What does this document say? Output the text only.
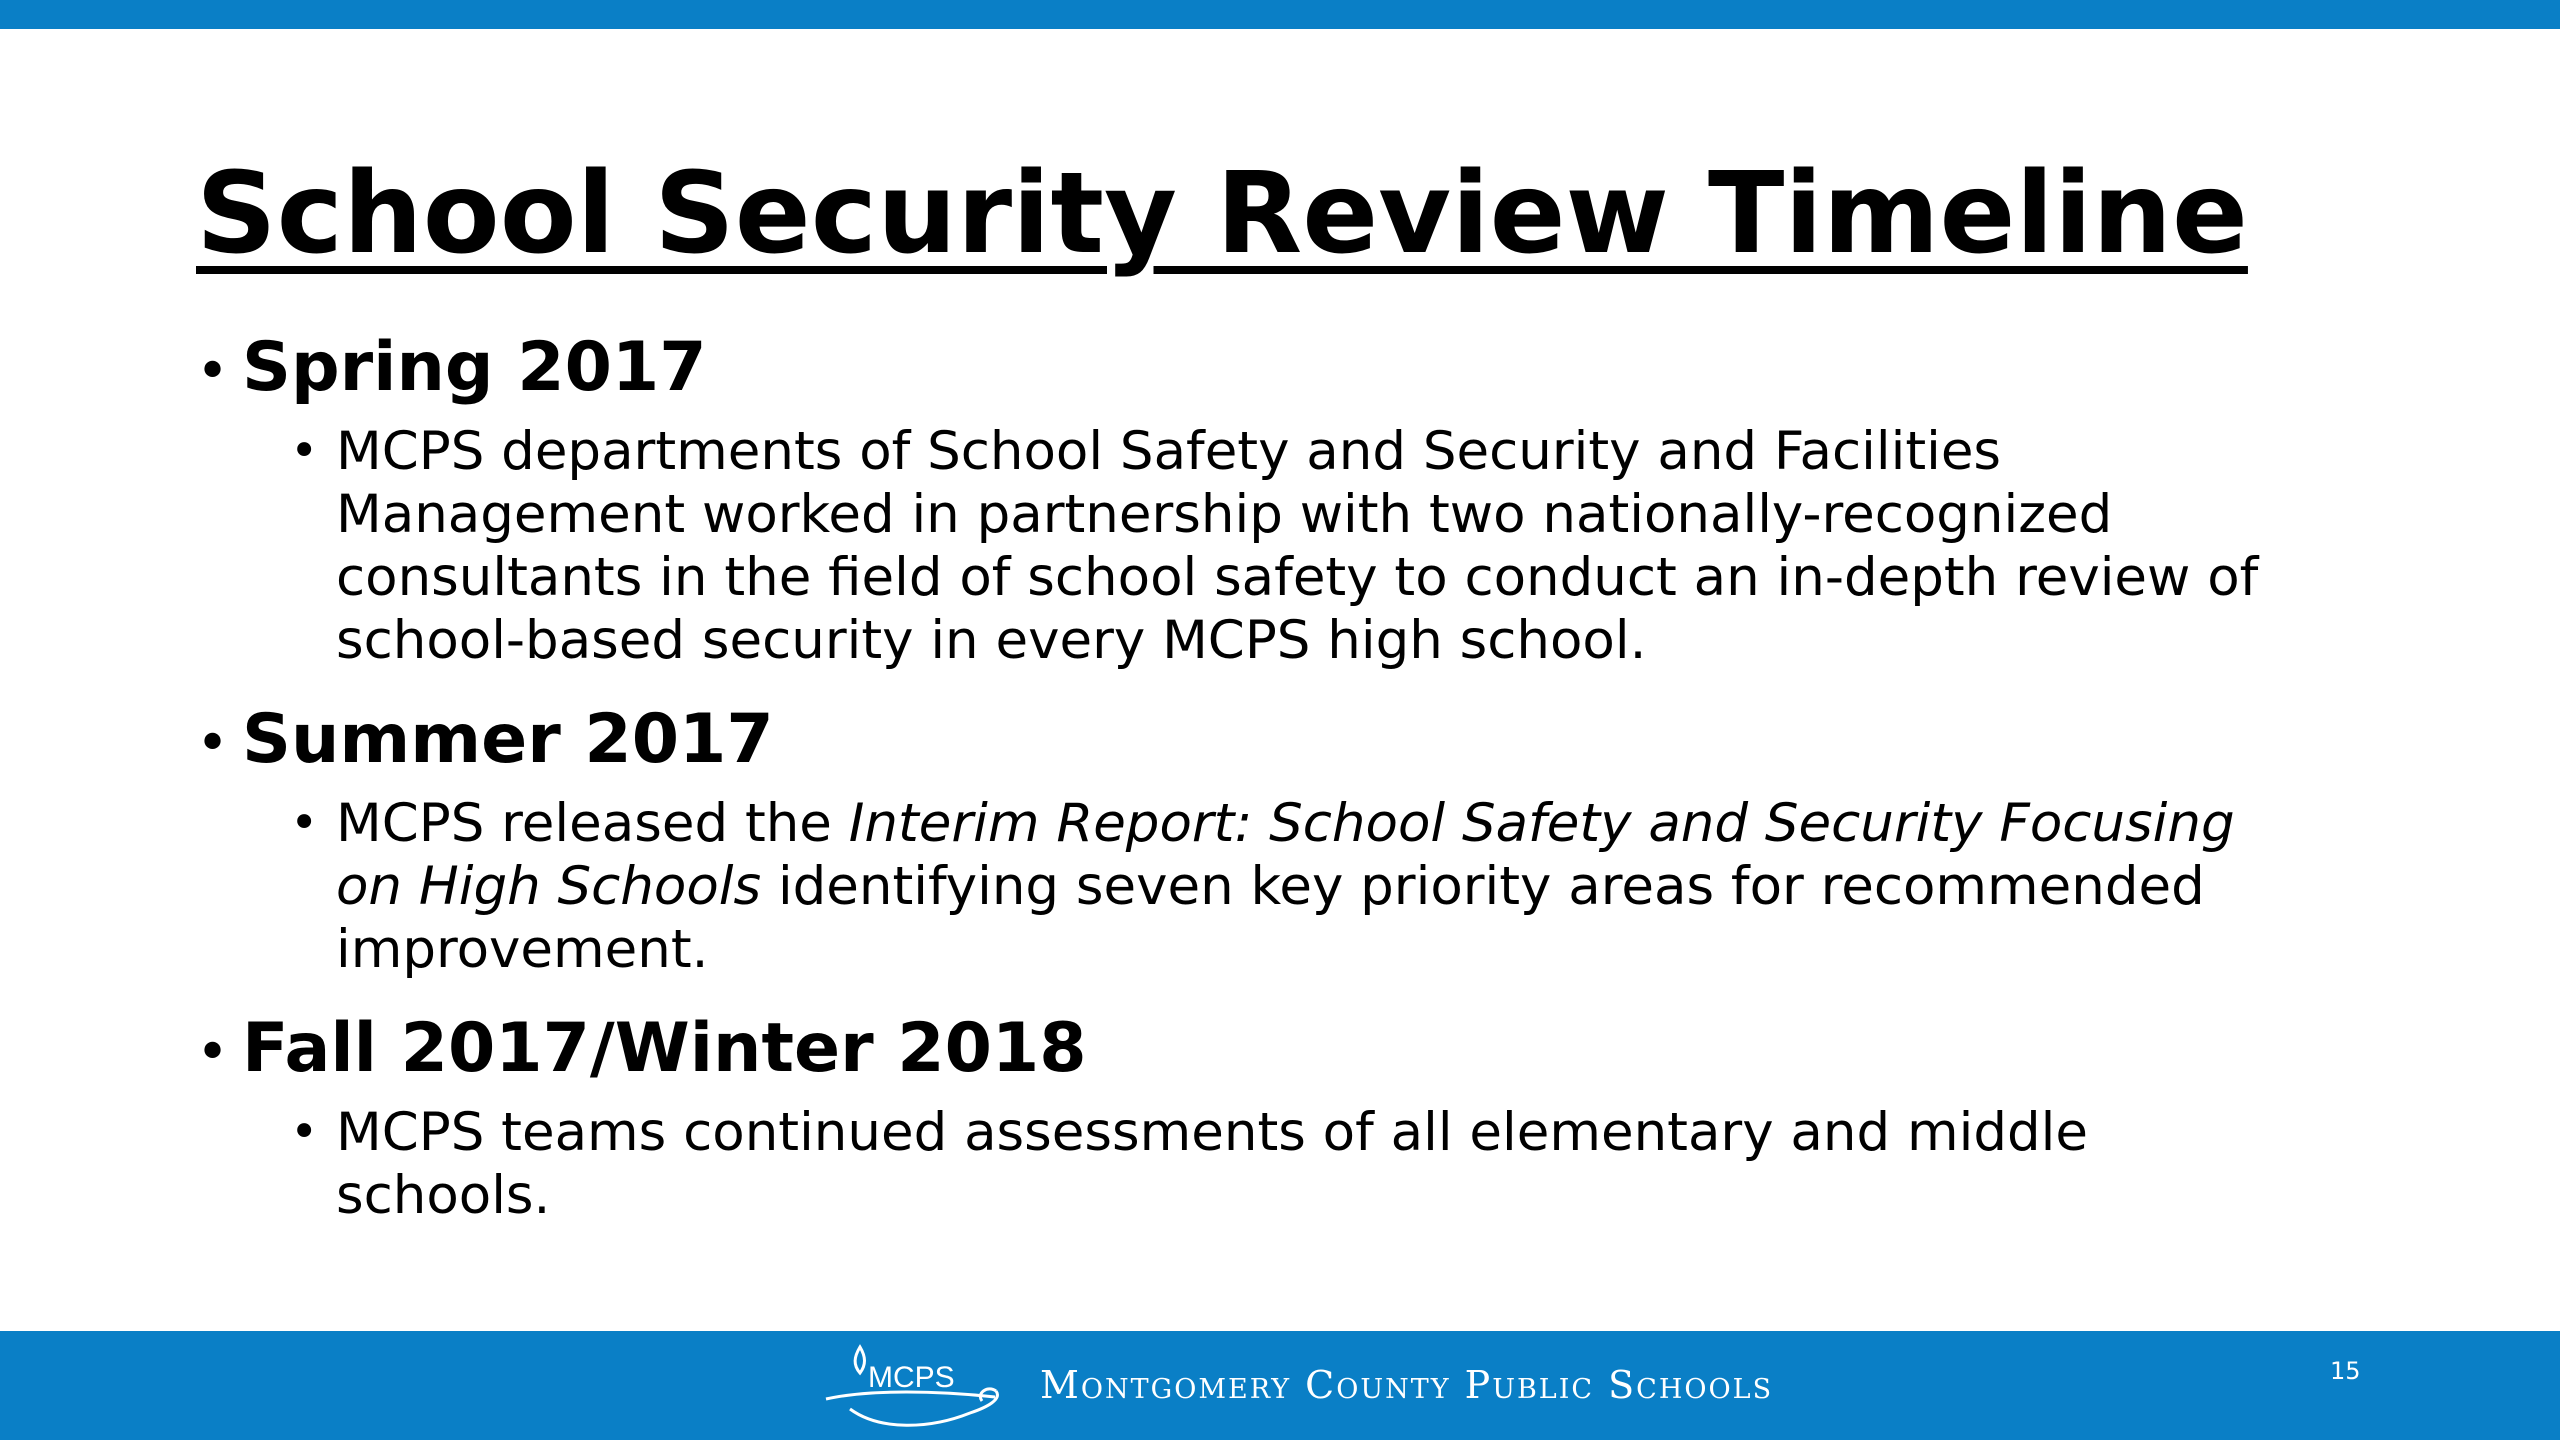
School Security Review Timeline
• Spring 2017
• MCPS departments of School Safety and Security and Facilities Management worked in partnership with two nationally-recognized consultants in the field of school safety to conduct an in-depth review of school-based security in every MCPS high school.
• Summer 2017
• MCPS released the Interim Report: School Safety and Security Focusing on High Schools identifying seven key priority areas for recommended improvement.
• Fall 2017/Winter 2018
• MCPS teams continued assessments of all elementary and middle schools.
MCPS Montgomery County Public Schools	15
